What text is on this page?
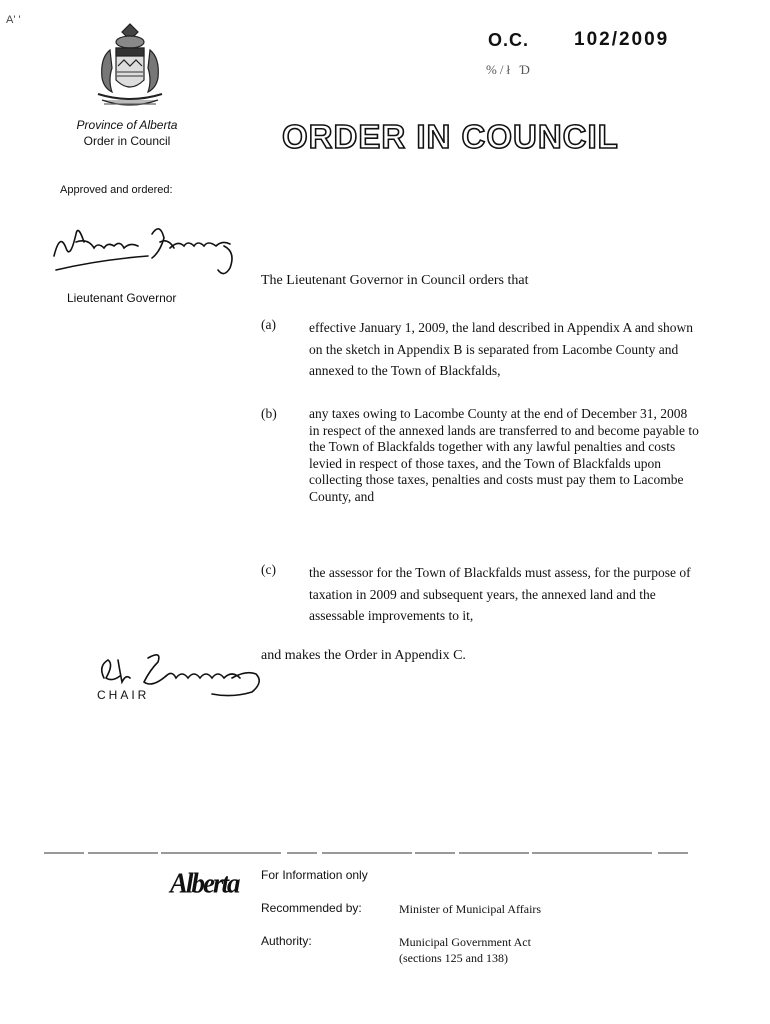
A' '
Province of Alberta
Order in Council
O.C. 102/2009
%/ł Ɗ
ORDER IN COUNCIL
Approved and ordered:
Lieutenant Governor
The Lieutenant Governor in Council orders that
(a)	effective January 1, 2009, the land described in Appendix A and shown on the sketch in Appendix B is separated from Lacombe County and annexed to the Town of Blackfalds,
(b)	any taxes owing to Lacombe County at the end of December 31, 2008 in respect of the annexed lands are transferred to and become payable to the Town of Blackfalds together with any lawful penalties and costs levied in respect of those taxes, and the Town of Blackfalds upon collecting those taxes, penalties and costs must pay them to Lacombe County, and
(c)	the assessor for the Town of Blackfalds must assess, for the purpose of taxation in 2009 and subsequent years, the annexed land and the assessable improvements to it,
and makes the Order in Appendix C.
CHAIR
Alberta For Information only
Recommended by:	Minister of Municipal Affairs
Authority:	Municipal Government Act
(sections 125 and 138)
